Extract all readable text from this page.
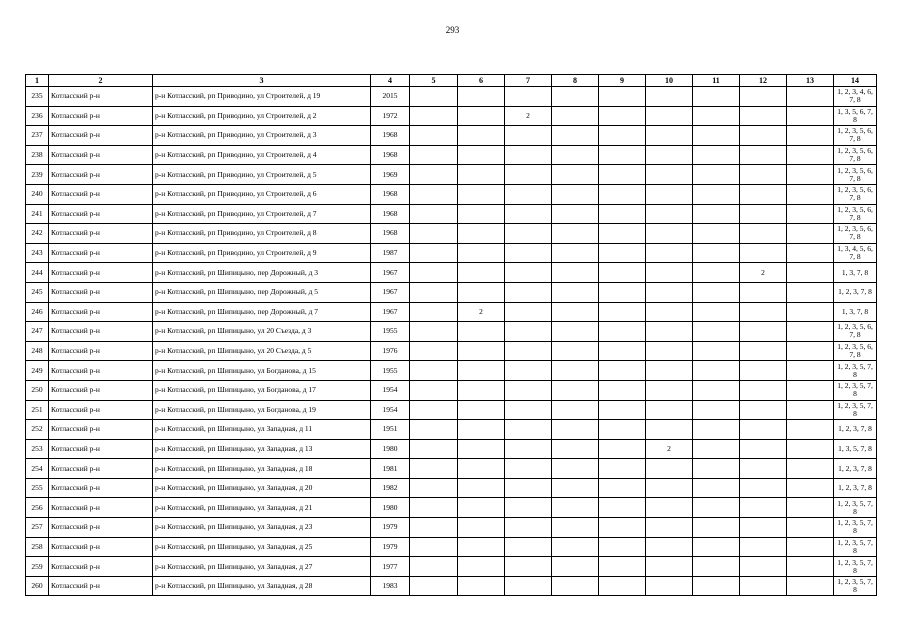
293
1	2	3	4	5	6	7	8	9	10	11	12	13	14
235	Котласский р-н	р-н Котласский, рп Приводино, ул Строителей, д 19	2015										1, 2, 3, 4, 6, 7, 8
236	Котласский р-н	р-н Котласский, рп Приводино, ул Строителей, д 2	1972			2							1, 3, 5, 6, 7, 8
237	Котласский р-н	р-н Котласский, рп Приводино, ул Строителей, д 3	1968										1, 2, 3, 5, 6, 7, 8
238	Котласский р-н	р-н Котласский, рп Приводино, ул Строителей, д 4	1968										1, 2, 3, 5, 6, 7, 8
239	Котласский р-н	р-н Котласский, рп Приводино, ул Строителей, д 5	1969										1, 2, 3, 5, 6, 7, 8
240	Котласский р-н	р-н Котласский, рп Приводино, ул Строителей, д 6	1968										1, 2, 3, 5, 6, 7, 8
241	Котласский р-н	р-н Котласский, рп Приводино, ул Строителей, д 7	1968										1, 2, 3, 5, 6, 7, 8
242	Котласский р-н	р-н Котласский, рп Приводино, ул Строителей, д 8	1968										1, 2, 3, 5, 6, 7, 8
243	Котласский р-н	р-н Котласский, рп Приводино, ул Строителей, д 9	1987										1, 3, 4, 5, 6, 7, 8
244	Котласский р-н	р-н Котласский, рп Шипицыно, пер Дорожный, д 3	1967								2		1, 3, 7, 8
245	Котласский р-н	р-н Котласский, рп Шипицыно, пер Дорожный, д 5	1967										1, 2, 3, 7, 8
246	Котласский р-н	р-н Котласский, рп Шипицыно, пер Дорожный, д 7	1967		2								1, 3, 7, 8
247	Котласский р-н	р-н Котласский, рп Шипицыно, ул 20 Съезда, д 3	1955										1, 2, 3, 5, 6, 7, 8
248	Котласский р-н	р-н Котласский, рп Шипицыно, ул 20 Съезда, д 5	1976										1, 2, 3, 5, 6, 7, 8
249	Котласский р-н	р-н Котласский, рп Шипицыно, ул Богданова, д 15	1955										1, 2, 3, 5, 7, 8
250	Котласский р-н	р-н Котласский, рп Шипицыно, ул Богданова, д 17	1954										1, 2, 3, 5, 7, 8
251	Котласский р-н	р-н Котласский, рп Шипицыно, ул Богданова, д 19	1954										1, 2, 3, 5, 7, 8
252	Котласский р-н	р-н Котласский, рп Шипицыно, ул Западная, д 11	1951										1, 2, 3, 7, 8
253	Котласский р-н	р-н Котласский, рп Шипицыно, ул Западная, д 13	1980						2				1, 3, 5, 7, 8
254	Котласский р-н	р-н Котласский, рп Шипицыно, ул Западная, д 18	1981										1, 2, 3, 7, 8
255	Котласский р-н	р-н Котласский, рп Шипицыно, ул Западная, д 20	1982										1, 2, 3, 7, 8
256	Котласский р-н	р-н Котласский, рп Шипицыно, ул Западная, д 21	1980										1, 2, 3, 5, 7, 8
257	Котласский р-н	р-н Котласский, рп Шипицыно, ул Западная, д 23	1979										1, 2, 3, 5, 7, 8
258	Котласский р-н	р-н Котласский, рп Шипицыно, ул Западная, д 25	1979										1, 2, 3, 5, 7, 8
259	Котласский р-н	р-н Котласский, рп Шипицыно, ул Западная, д 27	1977										1, 2, 3, 5, 7, 8
260	Котласский р-н	р-н Котласский, рп Шипицыно, ул Западная, д 28	1983										1, 2, 3, 5, 7, 8
